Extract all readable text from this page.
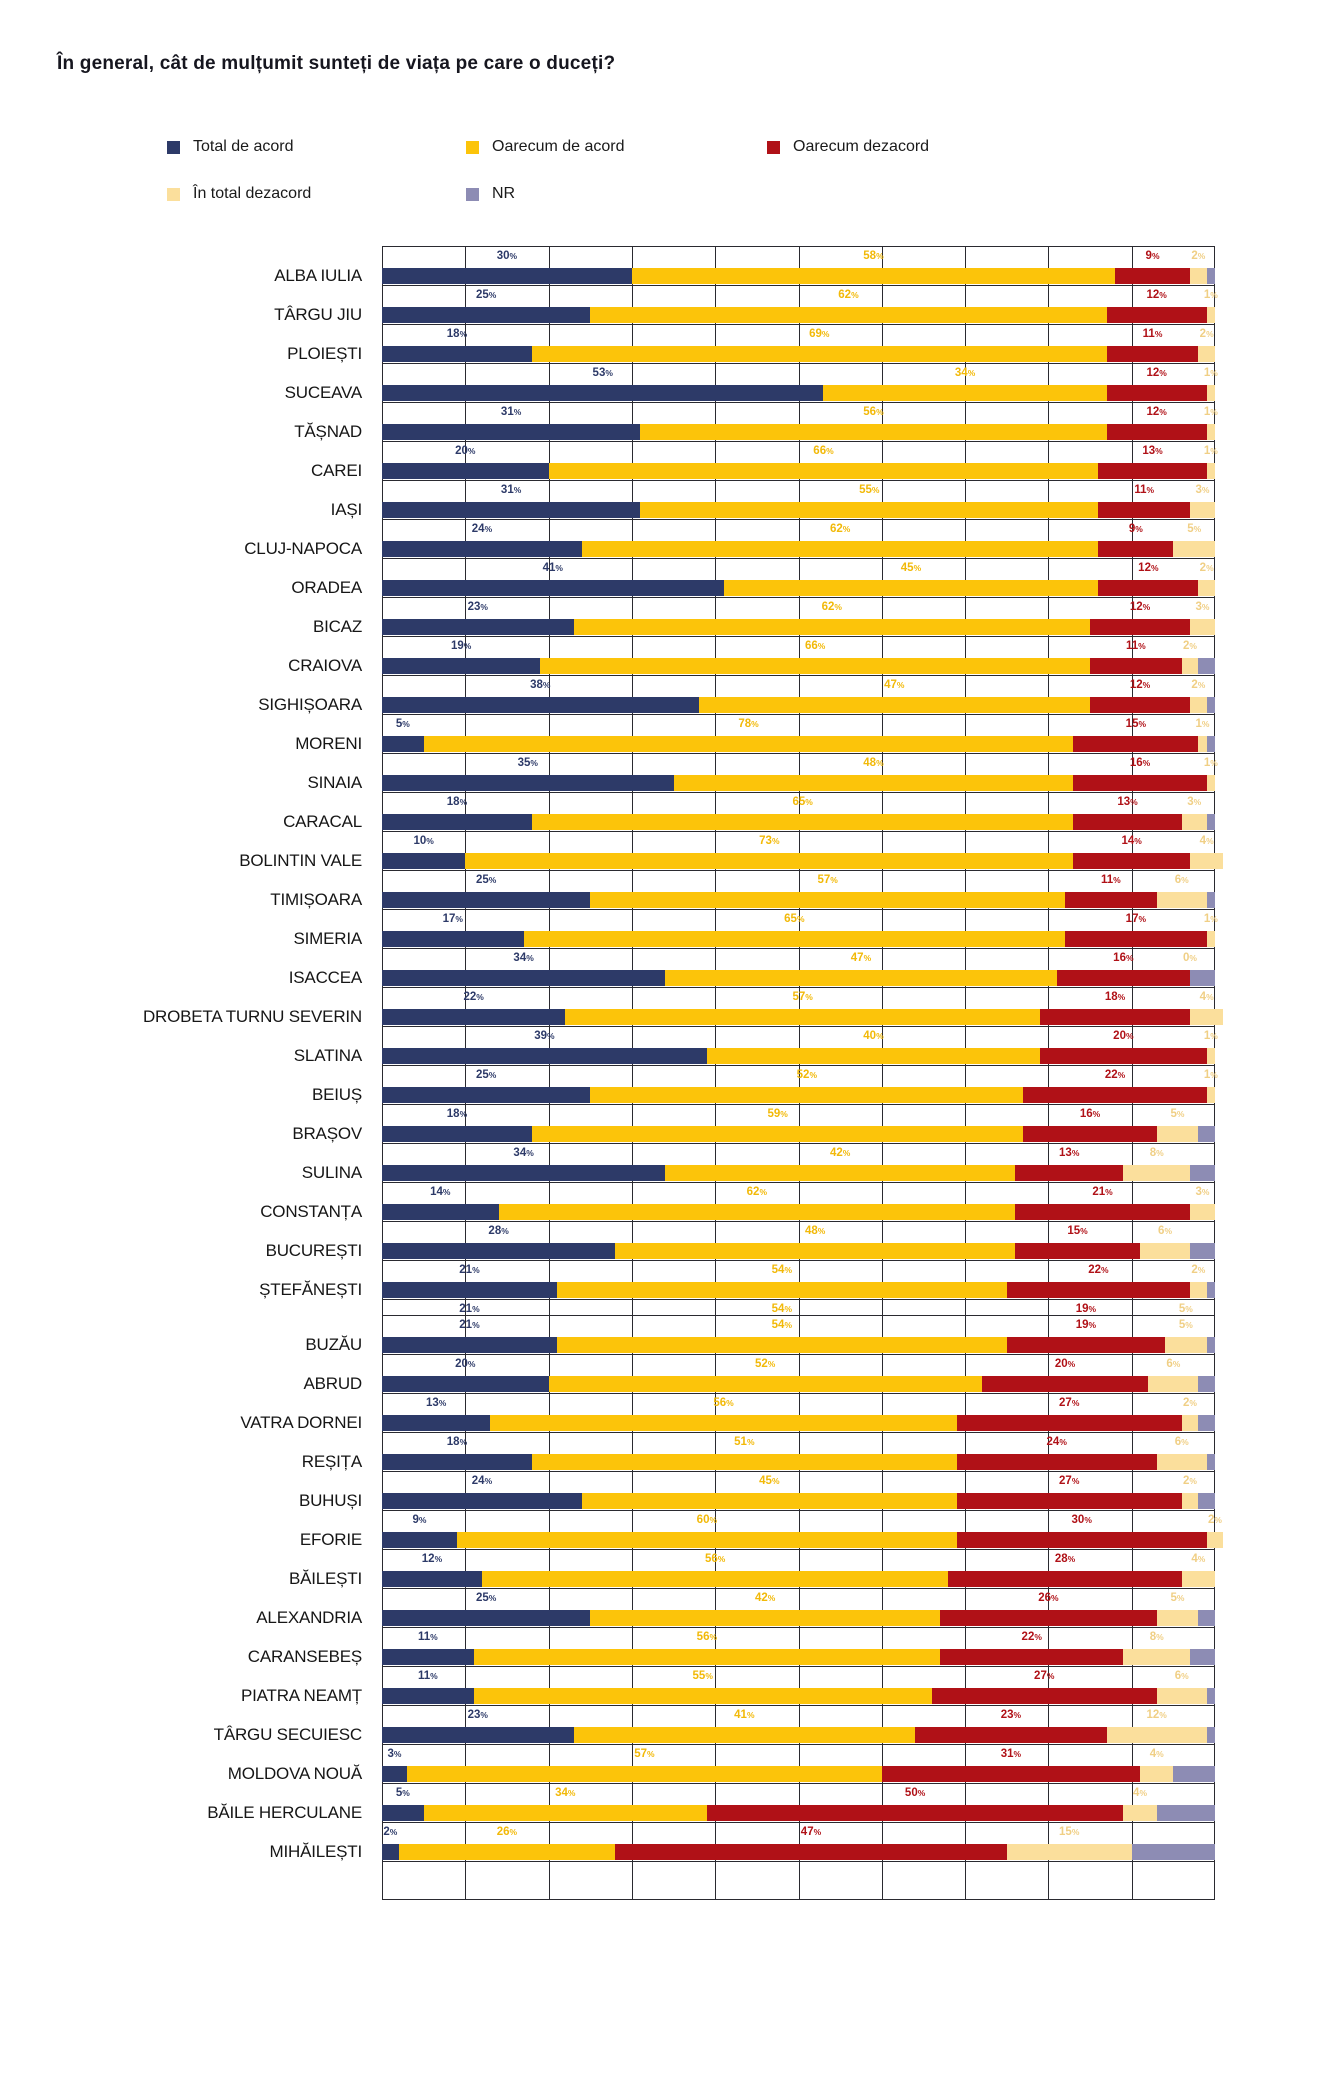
În general, cât de mulțumit sunteți de viața pe care o duceți?
Total de acord	Oarecum de acord	Oarecum dezacord
În total dezacord	NR
ALBA IULIA
TÂRGU JIU
PLOIEȘTI
SUCEAVA
TĂȘNAD
CAREI
IAȘI
CLUJ-NAPOCA
ORADEA
BICAZ
CRAIOVA
SIGHIȘOARA
MORENI
SINAIA
CARACAL
BOLINTIN VALE
TIMIȘOARA
SIMERIA
ISACCEA
DROBETA TURNU SEVERIN
SLATINA
BEIUȘ
BRAȘOV
SULINA
CONSTANȚA
BUCUREȘTI
ȘTEFĂNEȘTI
30%	58%	9%	2%
25%	62%	12%	1%
18%	69%	11%	2%
53%	34%	12%	1%
31%	56%	12%	1%
20%	66%	13%	1%
31%	55%	11%	3%
24%	62%	9%	5%
41%	45%	12%	2%
23%	62%	12%	3%
19%	66%	11%	2%
38%	47%	12%	2%
5%	78%	15%	1%
35%	48%	16%	1%
18%	65%	13%	3%
10%	73%	14%	4%
25%	57%	11%	6%
17%	65%	17%	1%
34%	47%	16%	0%
22%	57%	18%	4%
39%	40%	20%	1%
25%	52%	22%	1%
18%	59%	16%	5%
34%	42%	13%	8%
14%	62%	21%	3%
28%	48%	15%	6%
21%	54%	22%	2%
21%	54%	19%	5%
BUZĂU
ABRUD
VATRA DORNEI
REȘIȚA
BUHUȘI
EFORIE
BĂILEȘTI
ALEXANDRIA
CARANSEBEȘ
PIATRA NEAMȚ
TÂRGU SECUIESC
MOLDOVA NOUĂ
BĂILE HERCULANE
MIHĂILEȘTI
21%	54%	19%	5%
20%	52%	20%	6%
13%	56%	27%	2%
18%	51%	24%	6%
24%	45%	27%	2%
9%	60%	30%	2%
12%	56%	28%	4%
25%	42%	26%	5%
11%	56%	22%	8%
11%	55%	27%	6%
23%	41%	23%	12%
3%	57%	31%	4%
5%	34%	50%	4%
2%	26%	47%	15%
